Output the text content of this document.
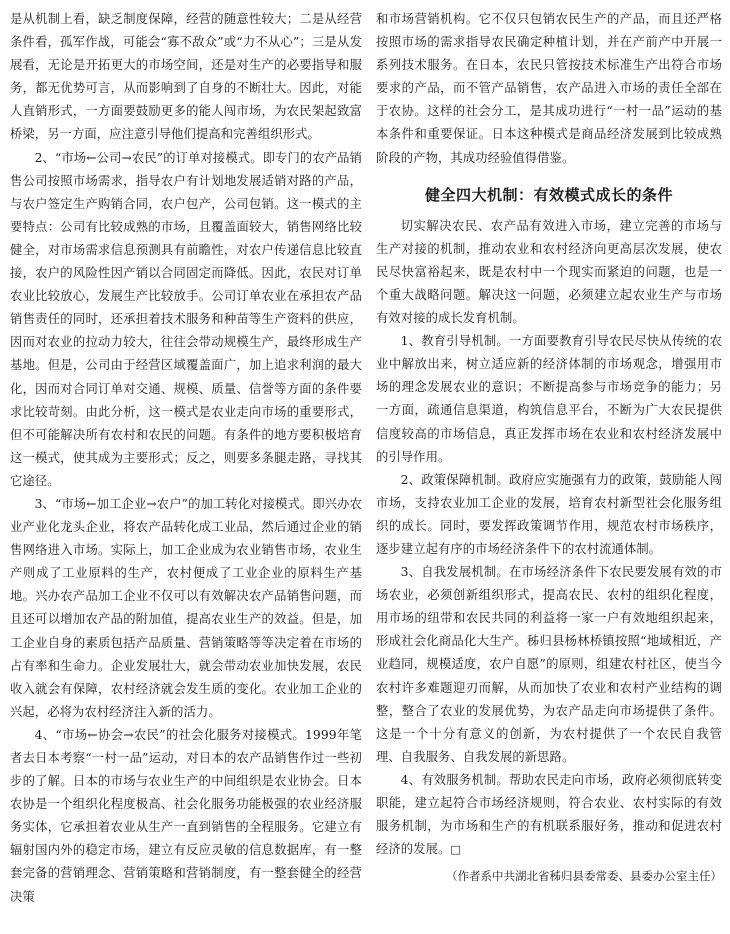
是从机制上看，缺乏制度保障，经营的随意性较大；二是从经营条件看，孤军作战，可能会“寡不敌众”或“力不从心”；三是从发展看，无论是开拓更大的市场空间，还是对生产的必要指导和服务，都无优势可言，从而影响到了自身的不断壮大。因此，对能人直销形式，一方面要鼓励更多的能人闯市场，为农民架起致富桥梁，另一方面，应注意引导他们提高和完善组织形式。

2、“市场←公司→农民”的订单对接模式。即专门的农产品销售公司按照市场需求，指导农户有计划地发展适销对路的产品，与农户签定生产购销合同，农户包产，公司包销。这一模式的主要特点：公司有比较成熟的市场，且覆盖面较大，销售网络比较健全，对市场需求信息预测具有前瞻性，对农户传递信息比较直接，农户的风险性因产销以合同固定而降低。因此，农民对订单农业比较放心，发展生产比较放手。公司订单农业在承担农产品销售责任的同时，还承担着技术服务和种苗等生产资料的供应，因而对农业的拉动力较大，往往会带动规模生产，最终形成生产基地。但是，公司由于经营区域覆盖面广，加上追求利润的最大化，因而对合同订单对交通、规模、质量、信誉等方面的条件要求比较苛刻。由此分析，这一模式是农业走向市场的重要形式，但不可能解决所有农村和农民的问题。有条件的地方要积极培育这一模式，使其成为主要形式；反之，则要多条腿走路，寻找其它途径。

3、“市场←加工企业→农户”的加工转化对接模式。即兴办农业产业化龙头企业，将农产品转化成工业品，然后通过企业的销售网络进入市场。实际上，加工企业成为农业销售市场，农业生产则成了工业原料的生产，农村便成了工业企业的原料生产基地。兴办农产品加工企业不仅可以有效解决农产品销售问题，而且还可以增加农产品的附加值，提高农业生产的效益。但是，加工企业自身的素质包括产品质量、营销策略等等决定着在市场的占有率和生命力。企业发展壮大，就会带动农业加快发展，农民收入就会有保障，农村经济就会发生质的变化。农业加工企业的兴起，必将为农村经济注入新的活力。

4、“市场←协会→农民”的社会化服务对接模式。1999年笔者去日本考察“一村一品”运动，对日本的农产品销售作过一些初步的了解。日本的市场与农业生产的中间组织是农业协会。日本农协是一个组织化程度极高、社会化服务功能极强的农业经济服务实体，它承担着农业从生产一直到销售的全程服务。它建立有辐射国内外的稳定市场，建立有反应灵敏的信息数据库，有一整套完备的营销理念、营销策略和营销制度，有一整套健全的经营决策

和市场营销机构。它不仅只包销农民生产的产品，而且还严格按照市场的需求指导农民确定种植计划，并在产前产中开展一系列技术服务。在日本，农民只管按技术标准生产出符合市场要求的产品，而不管产品销售，农产品进入市场的责任全部在于农协。这样的社会分工，是其成功进行“一村一品”运动的基本条件和重要保证。日本这种模式是商品经济发展到比较成熟阶段的产物，其成功经验值得借鉴。

健全四大机制：有效模式成长的条件

切实解决农民、农产品有效进入市场，建立完善的市场与生产对接的机制，推动农业和农村经济向更高层次发展，使农民尽快富裕起来，既是农村中一个现实而紧迫的问题，也是一个重大战略问题。解决这一问题，必须建立起农业生产与市场有效对接的成长发育机制。

1、教育引导机制。一方面要教育引导农民尽快从传统的农业中解放出来，树立适应新的经济体制的市场观念，增强用市场的理念发展农业的意识；不断提高参与市场竞争的能力；另一方面，疏通信息渠道，构筑信息平台，不断为广大农民提供信度较高的市场信息，真正发挥市场在农业和农村经济发展中的引导作用。

2、政策保障机制。政府应实施强有力的政策，鼓励能人闯市场，支持农业加工企业的发展，培育农村新型社会化服务组织的成长。同时，要发挥政策调节作用，规范农村市场秩序，逐步建立起有序的市场经济条件下的农村流通体制。

3、自我发展机制。在市场经济条件下农民要发展有效的市场农业，必须创新组织形式，提高农民、农村的组织化程度，用市场的纽带和农民共同的利益将一家一户有效地组织起来，形成社会化商品化大生产。秭归县杨林桥镇按照“地域相近，产业趋同，规模适度，农户自愿”的原则，组建农村社区，使当今农村许多难题迎刃而解，从而加快了农业和农村产业结构的调整，整合了农业的发展优势，为农产品走向市场提供了条件。这是一个十分有意义的创新，为农村提供了一个农民自我管理、自我服务、自我发展的新思路。

4、有效服务机制。帮助农民走向市场，政府必须彻底转变职能，建立起符合市场经济规则，符合农业、农村实际的有效服务机制，为市场和生产的有机联系服好务，推动和促进农村经济的发展。□

（作者系中共湖北省秭归县委常委、县委办公室主任）
